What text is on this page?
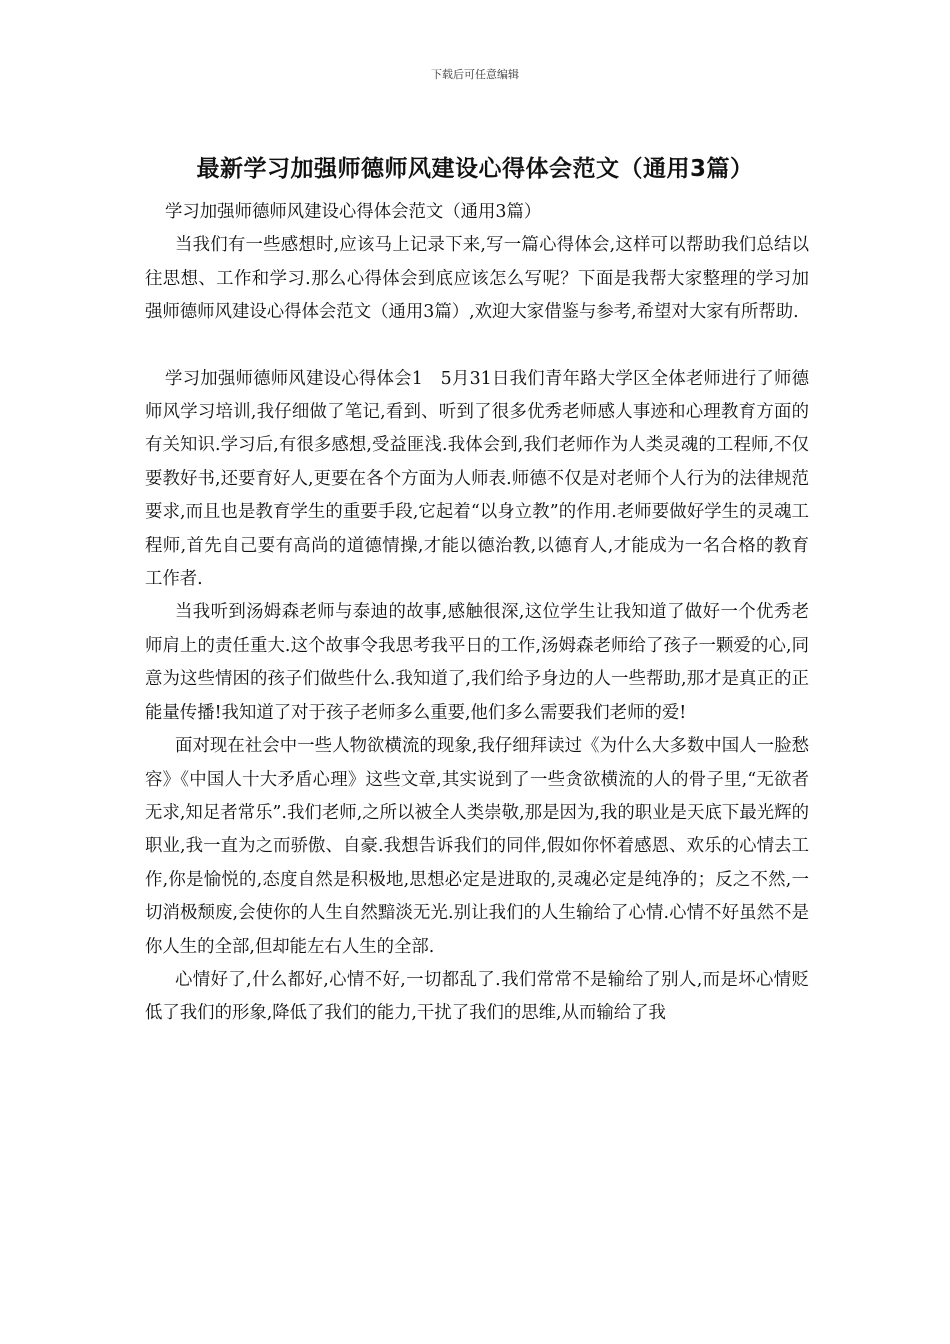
下载后可任意编辑
最新学习加强师德师风建设心得体会范文（通用3篇）

学习加强师德师风建设心得体会范文（通用3篇）

当我们有一些感想时,应该马上记录下来,写一篇心得体会,这样可以帮助我们总结以往思想、工作和学习.那么心得体会到底应该怎么写呢？下面是我帮大家整理的学习加强师德师风建设心得体会范文（通用3篇）,欢迎大家借鉴与参考,希望对大家有所帮助.

学习加强师德师风建设心得体会1　5月31日我们青年路大学区全体老师进行了师德师风学习培训,我仔细做了笔记,看到、听到了很多优秀老师感人事迹和心理教育方面的有关知识.学习后,有很多感想,受益匪浅.我体会到,我们老师作为人类灵魂的工程师,不仅要教好书,还要育好人,更要在各个方面为人师表.师德不仅是对老师个人行为的法律规范要求,而且也是教育学生的重要手段,它起着“以身立教”的作用.老师要做好学生的灵魂工程师,首先自己要有高尚的道德情操,才能以德治教,以德育人,才能成为一名合格的教育工作者.

当我听到汤姆森老师与泰迪的故事,感触很深,这位学生让我知道了做好一个优秀老师肩上的责任重大.这个故事令我思考我平日的工作,汤姆森老师给了孩子一颗爱的心,同意为这些情困的孩子们做些什么.我知道了,我们给予身边的人一些帮助,那才是真正的正能量传播!我知道了对于孩子老师多么重要,他们多么需要我们老师的爱!

面对现在社会中一些人物欲横流的现象,我仔细拜读过《为什么大多数中国人一脸愁容》《中国人十大矛盾心理》这些文章,其实说到了一些贪欲横流的人的骨子里,“无欲者无求,知足者常乐”.我们老师,之所以被全人类崇敬,那是因为,我的职业是天底下最光辉的职业,我一直为之而骄傲、自豪.我想告诉我们的同伴,假如你怀着感恩、欢乐的心情去工作,你是愉悦的,态度自然是积极地,思想必定是进取的,灵魂必定是纯净的；反之不然,一切消极颓废,会使你的人生自然黯淡无光.别让我们的人生输给了心情.心情不好虽然不是你人生的全部,但却能左右人生的全部.

心情好了,什么都好,心情不好,一切都乱了.我们常常不是输给了别人,而是坏心情贬低了我们的形象,降低了我们的能力,干扰了我们的思维,从而输给了我
